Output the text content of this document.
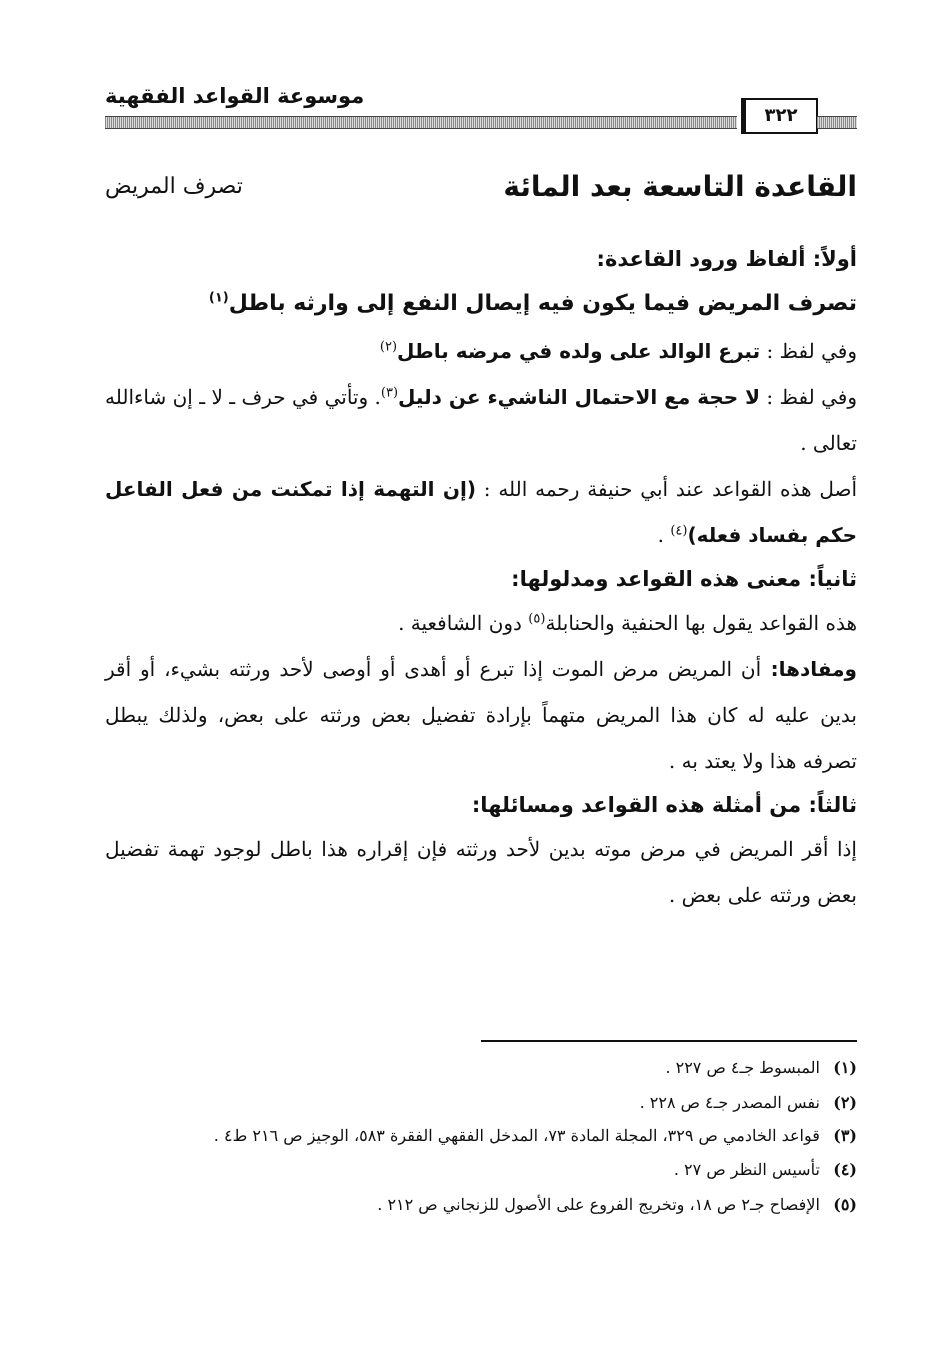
موسوعة القواعد الفقهية
٣٢٢
القاعدة التاسعة بعد المائة
تصرف المريض
أولاً: ألفاظ ورود القاعدة:
تصرف المريض فيما يكون فيه إيصال النفع إلى وارثه باطل$^{(١)}$
وفي لفظ : تبرع الوالد على ولده في مرضه باطل$^{(٢)}$
وفي لفظ : لا حجة مع الاحتمال الناشيء عن دليل$^{(٣)}$. وتأتي في حرف ـ لا ـ إن شاءالله تعالى .
أصل هذه القواعد عند أبي حنيفة رحمه الله : (إن التهمة إذا تمكنت من فعل الفاعل حكم بفساد فعله)$^{(٤)}$ .
ثانياً: معنى هذه القواعد ومدلولها:
هذه القواعد يقول بها الحنفية والحنابلة$^{(٥)}$ دون الشافعية .
ومفادها: أن المريض مرض الموت إذا تبرع أو أهدى أو أوصى لأحد ورثته بشيء، أو أقر بدين عليه له كان هذا المريض متهماً بإرادة تفضيل بعض ورثته على بعض، ولذلك يبطل تصرفه هذا ولا يعتد به .
ثالثاً: من أمثلة هذه القواعد ومسائلها:
إذا أقر المريض في مرض موته بدين لأحد ورثته فإن إقراره هذا باطل لوجود تهمة تفضيل بعض ورثته على بعض .
(١) المبسوط جـ٤ ص ٢٢٧ .
(٢) نفس المصدر جـ٤ ص ٢٢٨ .
(٣) قواعد الخادمي ص ٣٢٩، المجلة المادة ٧٣، المدخل الفقهي الفقرة ٥٨٣، الوجيز ص ٢١٦ ط٤ .
(٤) تأسيس النظر ص ٢٧ .
(٥) الإفصاح جـ٢ ص ١٨، وتخريج الفروع على الأصول للزنجاني ص ٢١٢ .
